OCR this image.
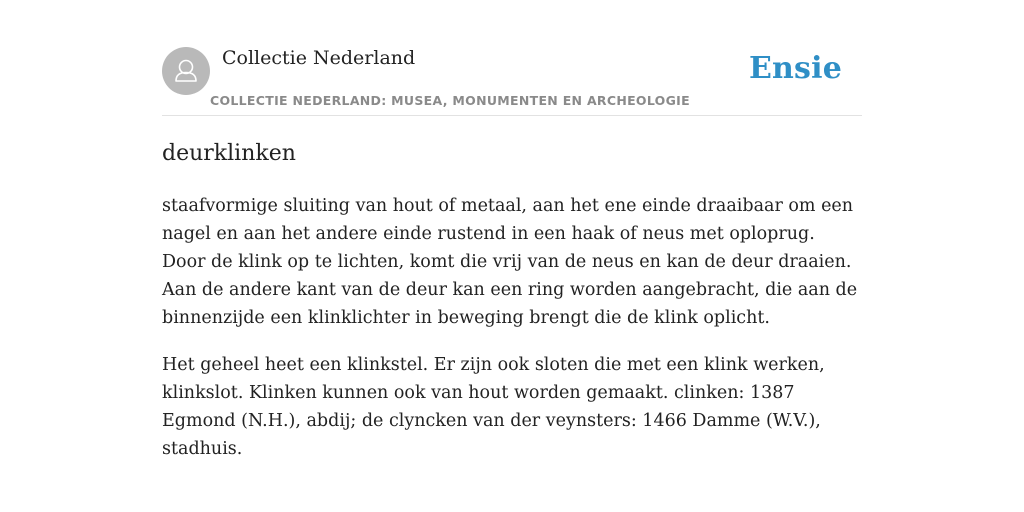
Collectie Nederland	Ensie
COLLECTIE NEDERLAND: MUSEA, MONUMENTEN EN ARCHEOLOGIE
deurklinken

staafvormige sluiting van hout of metaal, aan het ene einde draaibaar om een nagel en aan het andere einde rustend in een haak of neus met oploprug. Door de klink op te lichten, komt die vrij van de neus en kan de deur draaien. Aan de andere kant van de deur kan een ring worden aangebracht, die aan de binnenzijde een klinklichter in beweging brengt die de klink oplicht.

Het geheel heet een klinkstel. Er zijn ook sloten die met een klink werken, klinkslot. Klinken kunnen ook van hout worden gemaakt. clinken: 1387 Egmond (N.H.), abdij; de clyncken van der veynsters: 1466 Damme (W.V.), stadhuis.
